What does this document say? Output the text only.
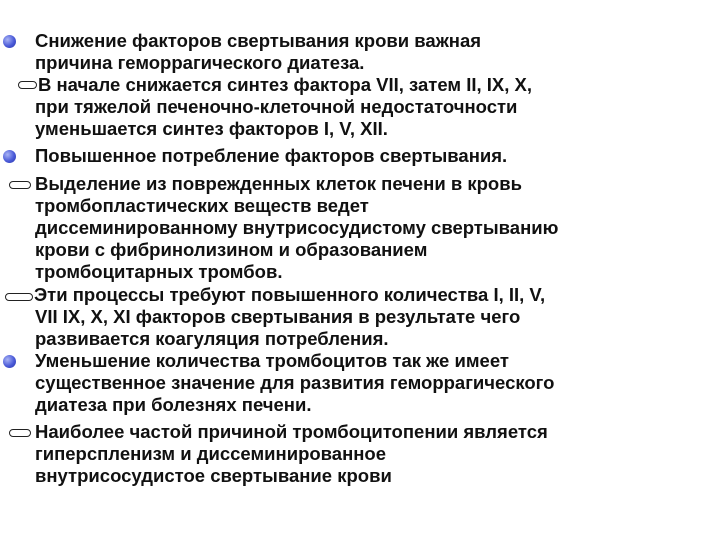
Снижение факторов свертывания крови важная
причина геморрагического диатеза.
В начале снижается синтез фактора VII, затем II, IX, X,
при тяжелой печеночно-клеточной недостаточности
уменьшается синтез факторов I, V, XII.
Повышенное потребление факторов свертывания.
Выделение из поврежденных клеток печени в кровь
тромбопластических веществ ведет
диссеминированному внутрисосудистому свертыванию
крови с фибринолизином и образованием
тромбоцитарных тромбов.
Эти процессы требуют повышенного количества I, II, V,
VII IX, X, XI факторов свертывания в результате чего
развивается коагуляция потребления.
Уменьшение количества тромбоцитов так же имеет
существенное значение для развития геморрагического
диатеза при болезнях печени.
Наиболее частой причиной тромбоцитопении является
гиперспленизм и диссеминированное
внутрисосудистое свертывание крови
